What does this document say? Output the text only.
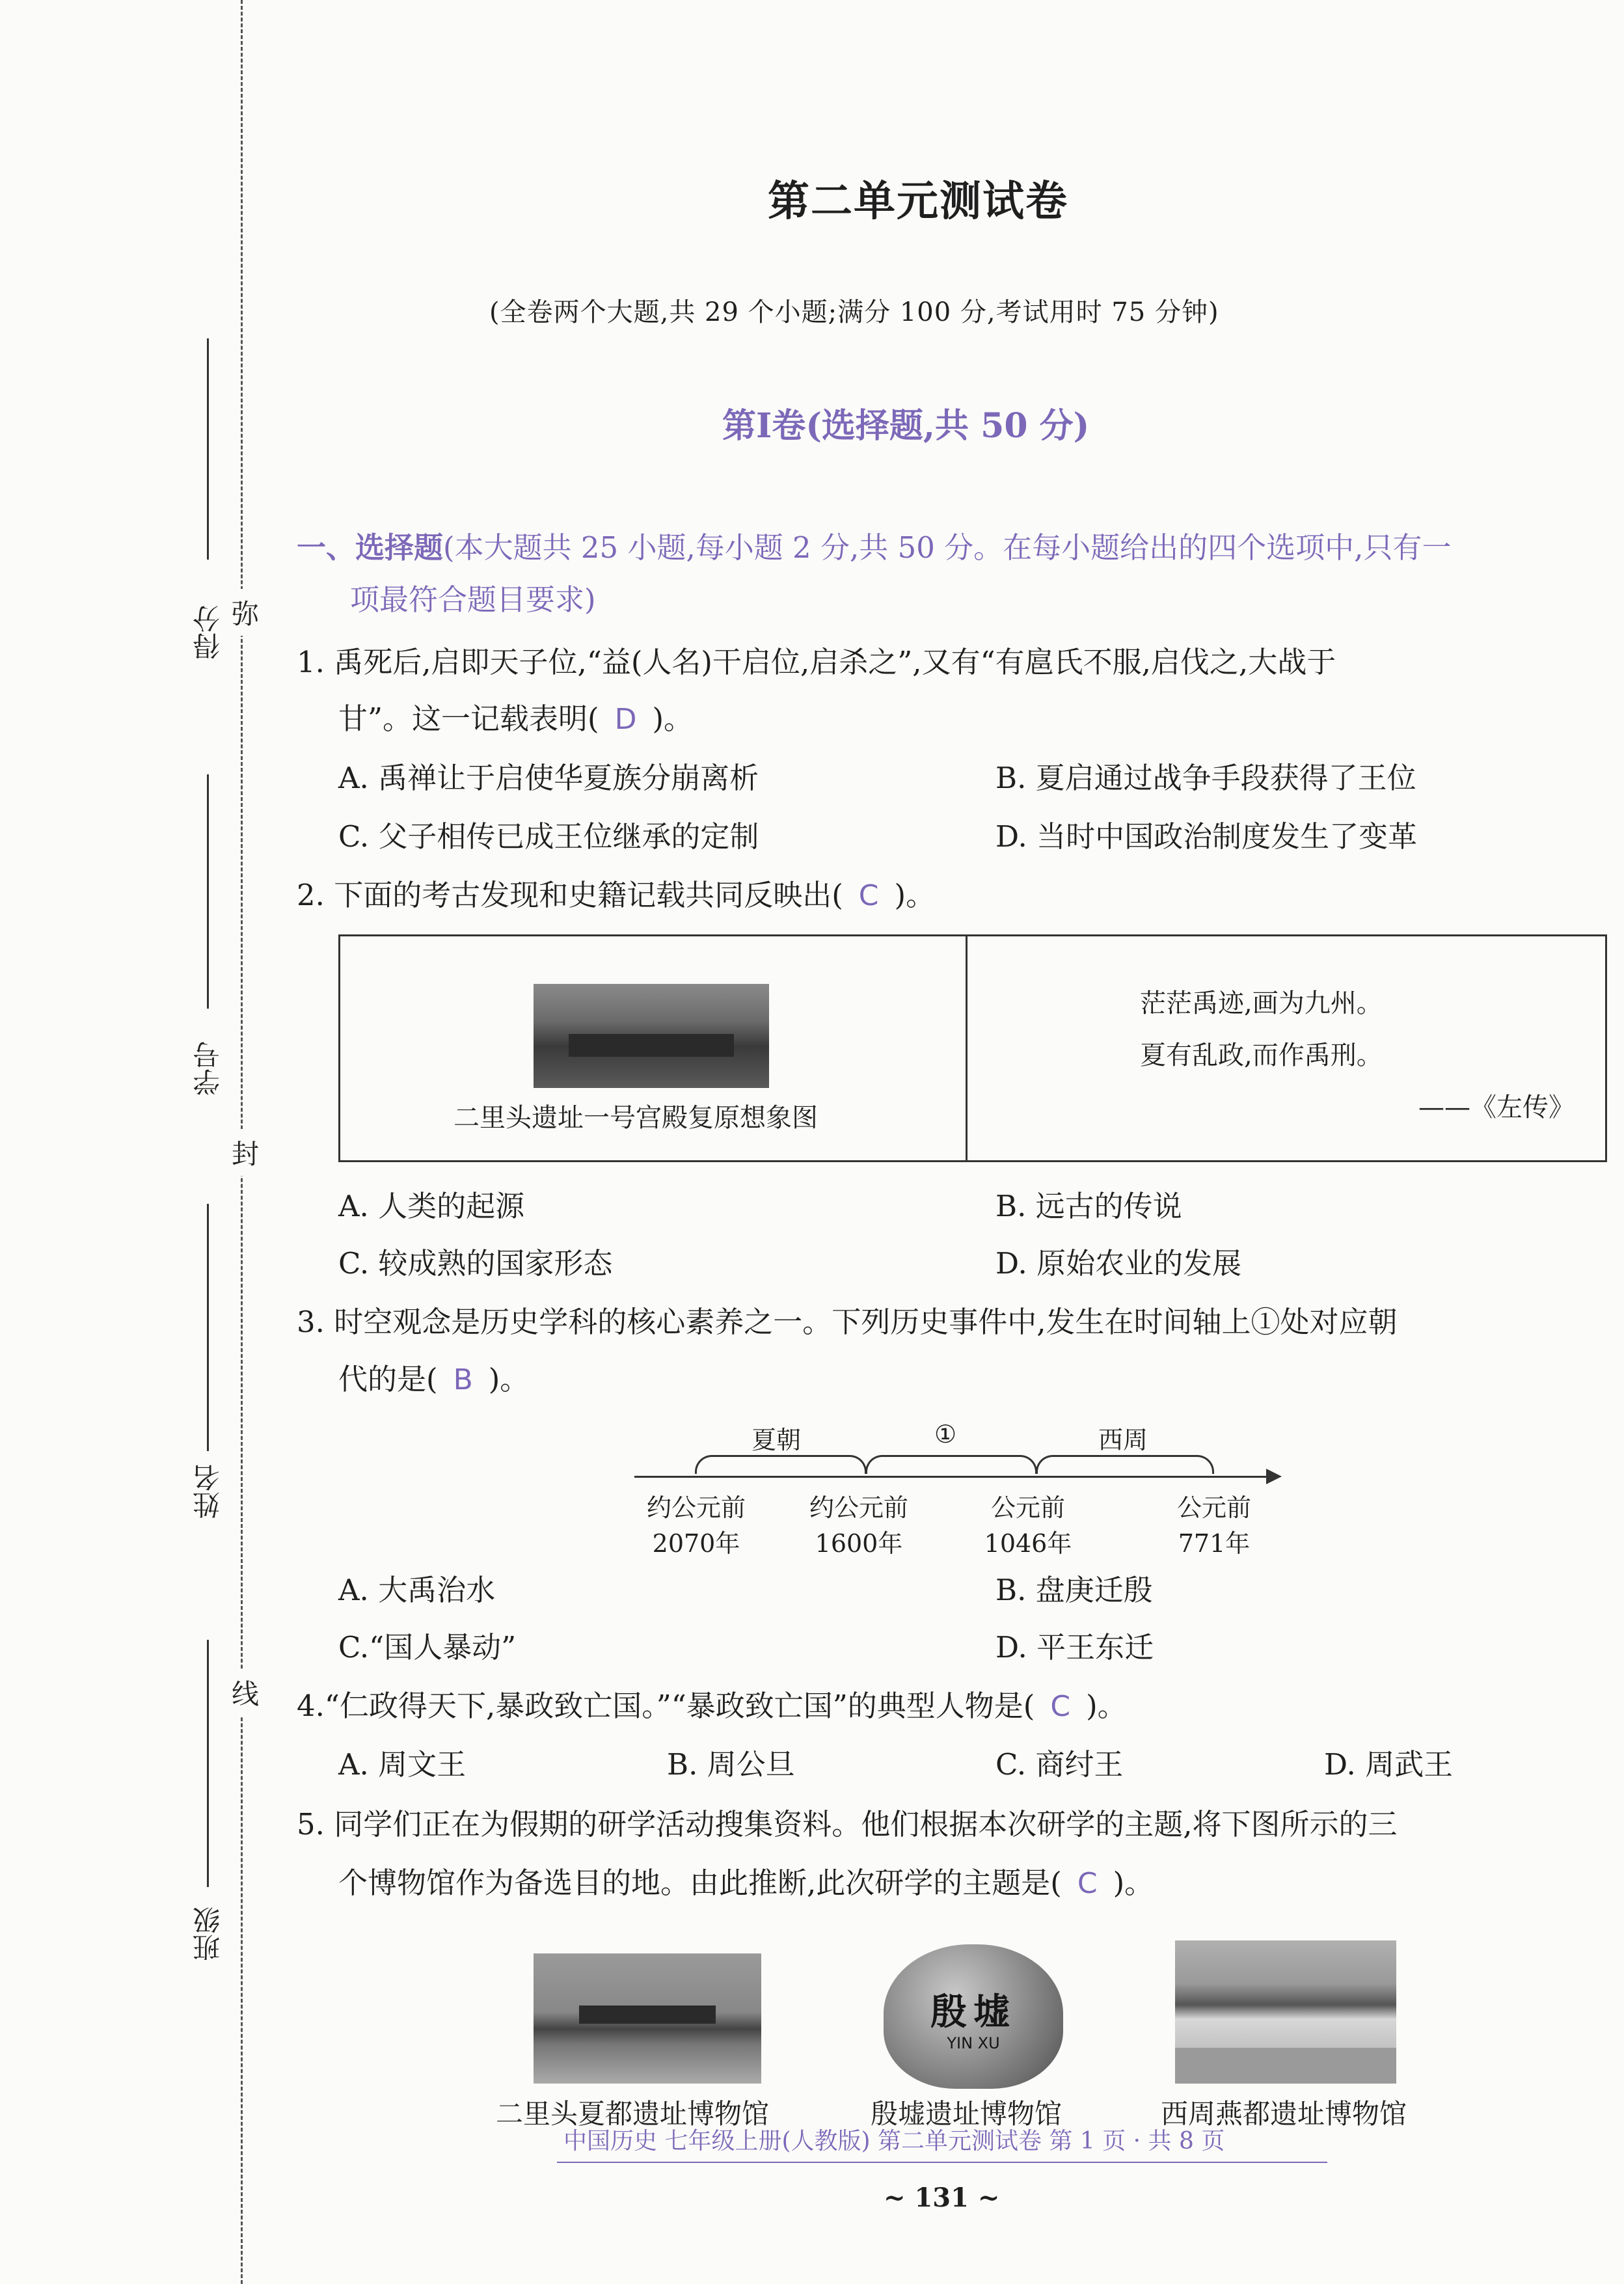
得分
学号
姓名
班级
弥
封
线
第二单元测试卷
(全卷两个大题,共 29 个小题;满分 100 分,考试用时 75 分钟)
第Ⅰ卷(选择题,共 50 分)
一、选择题(本大题共 25 小题,每小题 2 分,共 50 分。在每小题给出的四个选项中,只有一
项最符合题目要求)
1. 禹死后,启即天子位,“益(人名)干启位,启杀之”,又有“有扈氏不服,启伐之,大战于
甘”。这一记载表明( D )。
A. 禹禅让于启使华夏族分崩离析	B. 夏启通过战争手段获得了王位
C. 父子相传已成王位继承的定制	D. 当时中国政治制度发生了变革
2. 下面的考古发现和史籍记载共同反映出( C )。
二里头遗址一号宫殿复原想象图
茫茫禹迹,画为九州。
夏有乱政,而作禹刑。
——《左传》
A. 人类的起源	B. 远古的传说
C. 较成熟的国家形态	D. 原始农业的发展
3. 时空观念是历史学科的核心素养之一。下列历史事件中,发生在时间轴上①处对应朝
代的是( B )。
夏朝	①	西周
约公元前
2070年
约公元前
1600年
公元前
1046年
公元前
771年
A. 大禹治水	B. 盘庚迁殷
C.“国人暴动”	D. 平王东迁
4.“仁政得天下,暴政致亡国。”“暴政致亡国”的典型人物是( C )。
A. 周文王	B. 周公旦	C. 商纣王	D. 周武王
5. 同学们正在为假期的研学活动搜集资料。他们根据本次研学的主题,将下图所示的三
个博物馆作为备选目的地。由此推断,此次研学的主题是( C )。
殷墟
YIN XU
二里头夏都遗址博物馆	殷墟遗址博物馆	西周燕都遗址博物馆
中国历史 七年级上册(人教版) 第二单元测试卷 第 1 页 · 共 8 页
~ 131 ~
